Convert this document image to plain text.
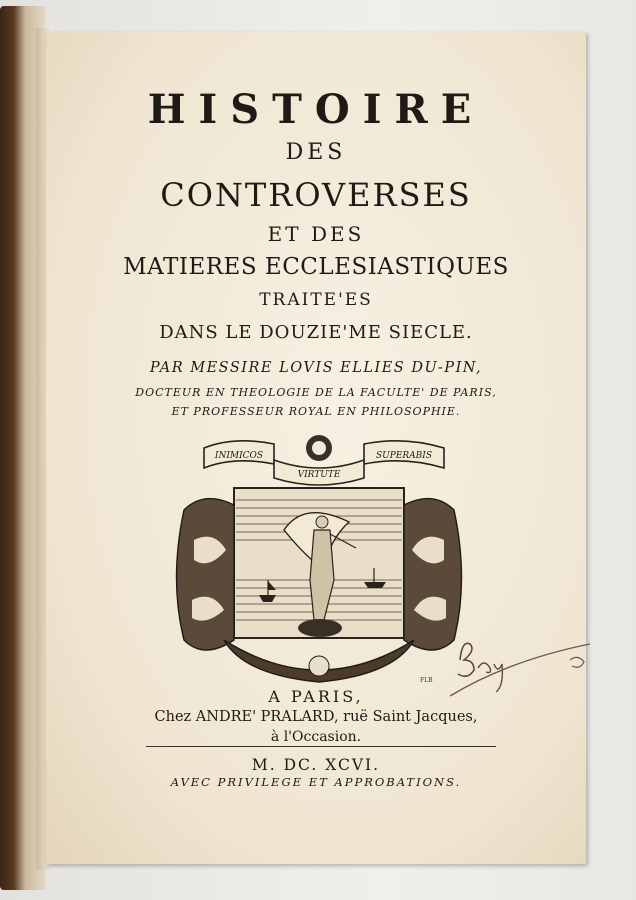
HISTOIRE
DES
CONTROVERSES
ET DES
MATIERES ECCLESIASTIQUES
TRAITE'ES
DANS LE DOUZIE'ME SIECLE.
PAR MESSIRE LOVIS ELLIES DU-PIN,
DOCTEUR EN THEOLOGIE DE LA FACULTE' DE PARIS,
ET PROFESSEUR ROYAL EN PHILOSOPHIE.
INIMICOS
VIRTUTE
SUPERABIS
FLB
A PARIS,
Chez ANDRE' PRALARD, ruë Saint Jacques,
à l'Occasion.
M. DC. XCVI.
AVEC PRIVILEGE ET APPROBATIONS.
